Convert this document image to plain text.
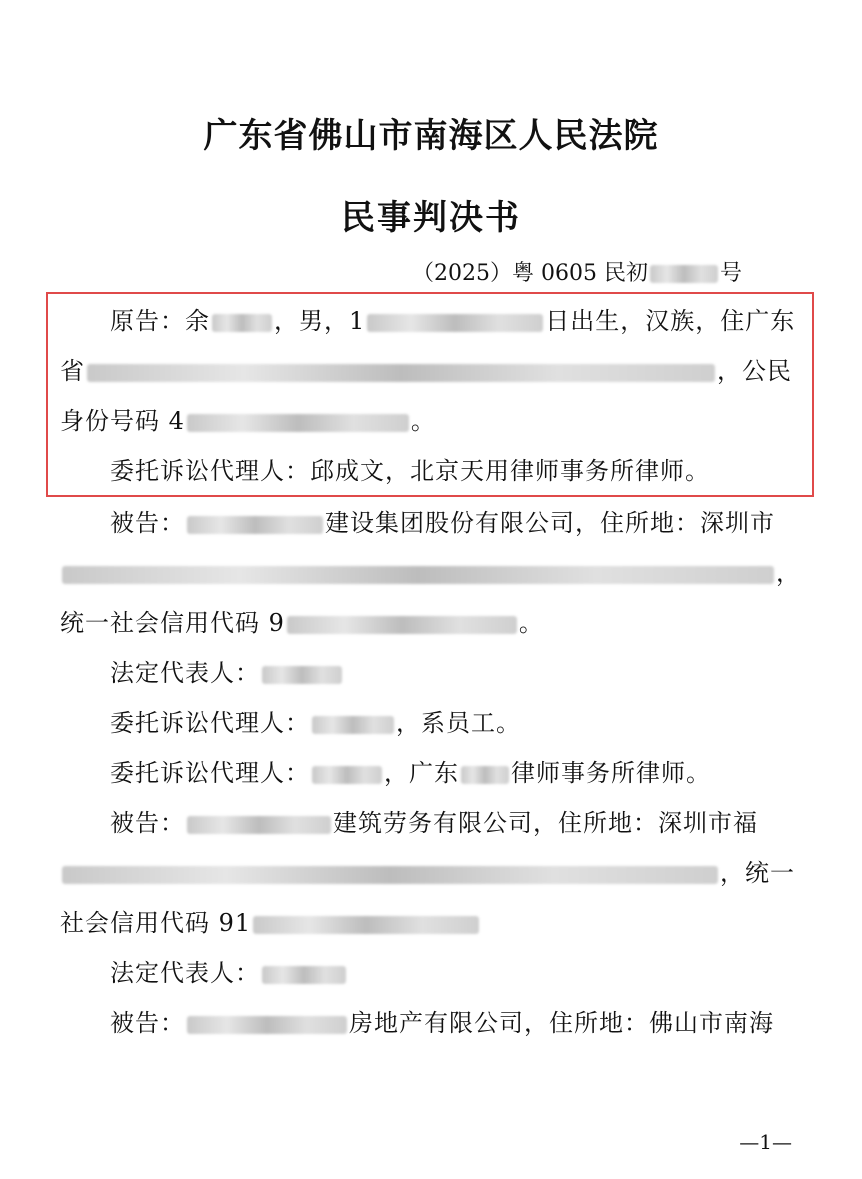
广东省佛山市南海区人民法院
民事判决书
（2025）粤 0605 民初	号
原告：余	，男，1	日出生，汉族，住广东
省	，公民
身份号码 4	。
委托诉讼代理人：邱成文，北京天用律师事务所律师。
被告：	建设集团股份有限公司，住所地：深圳市
，
统一社会信用代码 9	。
法定代表人：
委托诉讼代理人：	，系员工。
委托诉讼代理人：	，广东 律师事务所律师。
被告：	建筑劳务有限公司，住所地：深圳市福
，统一
社会信用代码 91
法定代表人：
被告：	房地产有限公司，住所地：佛山市南海
—1—
